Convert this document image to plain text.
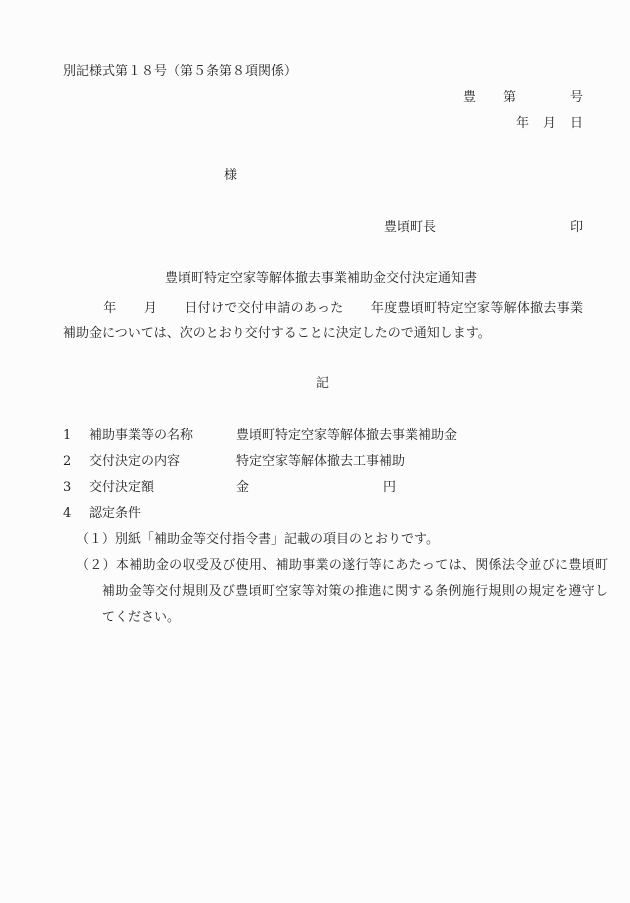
別記様式第１８号（第５条第８項関係）
豊 第	号
年 月 日
様
豊頃町長	印
豊頃町特定空家等解体撤去事業補助金交付決定通知書
年 月 日付けで交付申請のあった 年度豊頃町特定空家等解体撤去事業補助金については、次のとおり交付することに決定したので通知します。
記
1 補助事業等の名称	豊頃町特定空家等解体撤去事業補助金
2 交付決定の内容	特定空家等解体撤去工事補助
3 交付決定額	金	円
4 認定条件
（１）別紙「補助金等交付指令書」記載の項目のとおりです。
（２）本補助金の収受及び使用、補助事業の遂行等にあたっては、関係法令並びに豊頃町補助金等交付規則及び豊頃町空家等対策の推進に関する条例施行規則の規定を遵守してください。
